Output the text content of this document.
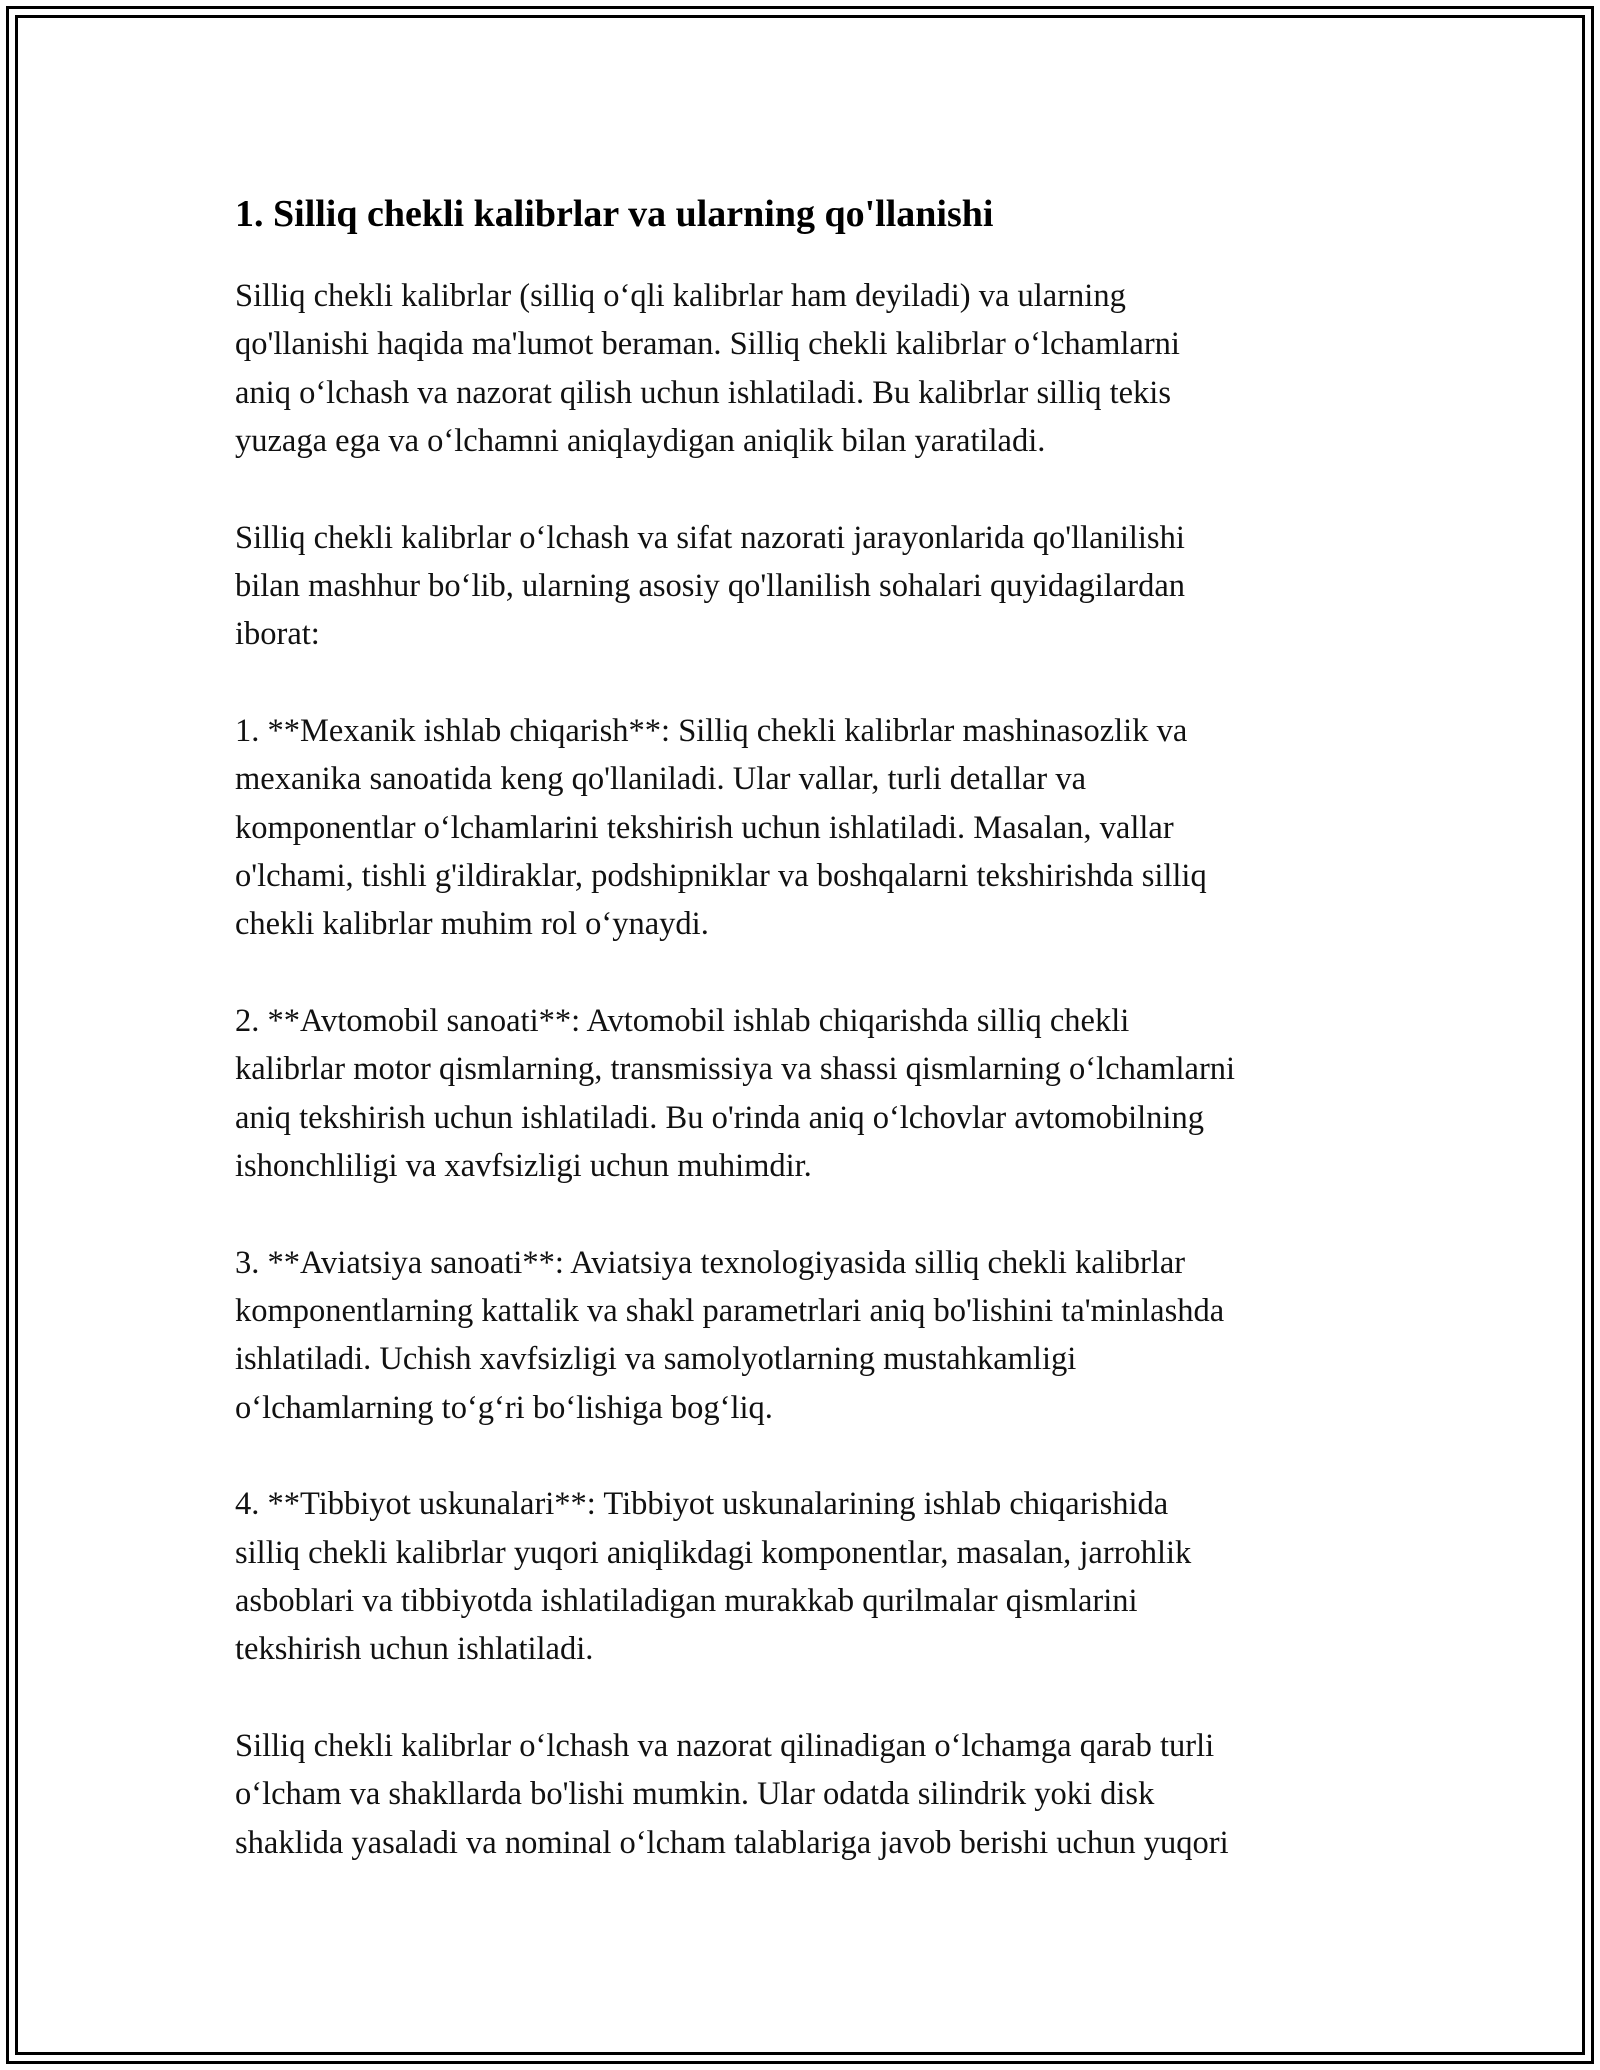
1. Silliq chekli kalibrlar va ularning qo'llanishi

Silliq chekli kalibrlar (silliq o‘qli kalibrlar ham deyiladi) va ularning
qo'llanishi haqida ma'lumot beraman. Silliq chekli kalibrlar o‘lchamlarni
aniq o‘lchash va nazorat qilish uchun ishlatiladi. Bu kalibrlar silliq tekis
yuzaga ega va o‘lchamni aniqlaydigan aniqlik bilan yaratiladi.

Silliq chekli kalibrlar o‘lchash va sifat nazorati jarayonlarida qo'llanilishi
bilan mashhur bo‘lib, ularning asosiy qo'llanilish sohalari quyidagilardan
iborat:

1. **Mexanik ishlab chiqarish**: Silliq chekli kalibrlar mashinasozlik va
mexanika sanoatida keng qo'llaniladi. Ular vallar, turli detallar va
komponentlar o‘lchamlarini tekshirish uchun ishlatiladi. Masalan, vallar
o'lchami, tishli g'ildiraklar, podshipniklar va boshqalarni tekshirishda silliq
chekli kalibrlar muhim rol o‘ynaydi.

2. **Avtomobil sanoati**: Avtomobil ishlab chiqarishda silliq chekli
kalibrlar motor qismlarning, transmissiya va shassi qismlarning o‘lchamlarni
aniq tekshirish uchun ishlatiladi. Bu o'rinda aniq o‘lchovlar avtomobilning
ishonchliligi va xavfsizligi uchun muhimdir.

3. **Aviatsiya sanoati**: Aviatsiya texnologiyasida silliq chekli kalibrlar
komponentlarning kattalik va shakl parametrlari aniq bo'lishini ta'minlashda
ishlatiladi. Uchish xavfsizligi va samolyotlarning mustahkamligi
o‘lchamlarning to‘g‘ri bo‘lishiga bog‘liq.

4. **Tibbiyot uskunalari**: Tibbiyot uskunalarining ishlab chiqarishida
silliq chekli kalibrlar yuqori aniqlikdagi komponentlar, masalan, jarrohlik
asboblari va tibbiyotda ishlatiladigan murakkab qurilmalar qismlarini
tekshirish uchun ishlatiladi.

Silliq chekli kalibrlar o‘lchash va nazorat qilinadigan o‘lchamga qarab turli
o‘lcham va shakllarda bo'lishi mumkin. Ular odatda silindrik yoki disk
shaklida yasaladi va nominal o‘lcham talablariga javob berishi uchun yuqori
